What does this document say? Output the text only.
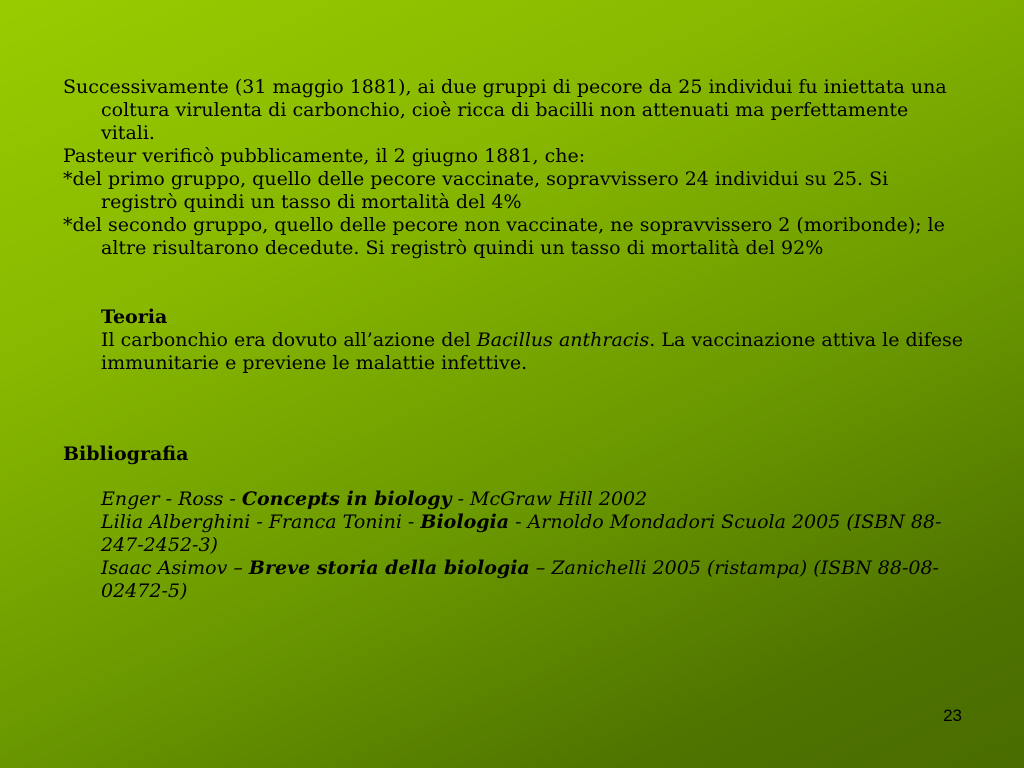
Successivamente (31 maggio 1881), ai due gruppi di pecore da 25 individui fu iniettata una coltura virulenta di carbonchio, cioè ricca di bacilli non attenuati ma perfettamente vitali.
Pasteur verificò pubblicamente, il 2 giugno 1881, che:
*del primo gruppo, quello delle pecore vaccinate, sopravvissero 24 individui su 25. Si registrò quindi un tasso di mortalità del 4%
*del secondo gruppo, quello delle pecore non vaccinate, ne sopravvissero 2 (moribonde); le altre risultarono decedute. Si registrò quindi un tasso di mortalità del 92%

Teoria
Il carbonchio era dovuto all’azione del Bacillus anthracis. La vaccinazione attiva le difese immunitarie e previene le malattie infettive.
Bibliografia
Enger - Ross - Concepts in biology - McGraw Hill 2002
Lilia Alberghini - Franca Tonini - Biologia - Arnoldo Mondadori Scuola 2005 (ISBN 88-247-2452-3)
Isaac Asimov – Breve storia della biologia – Zanichelli 2005 (ristampa) (ISBN 88-08-02472-5)
23
